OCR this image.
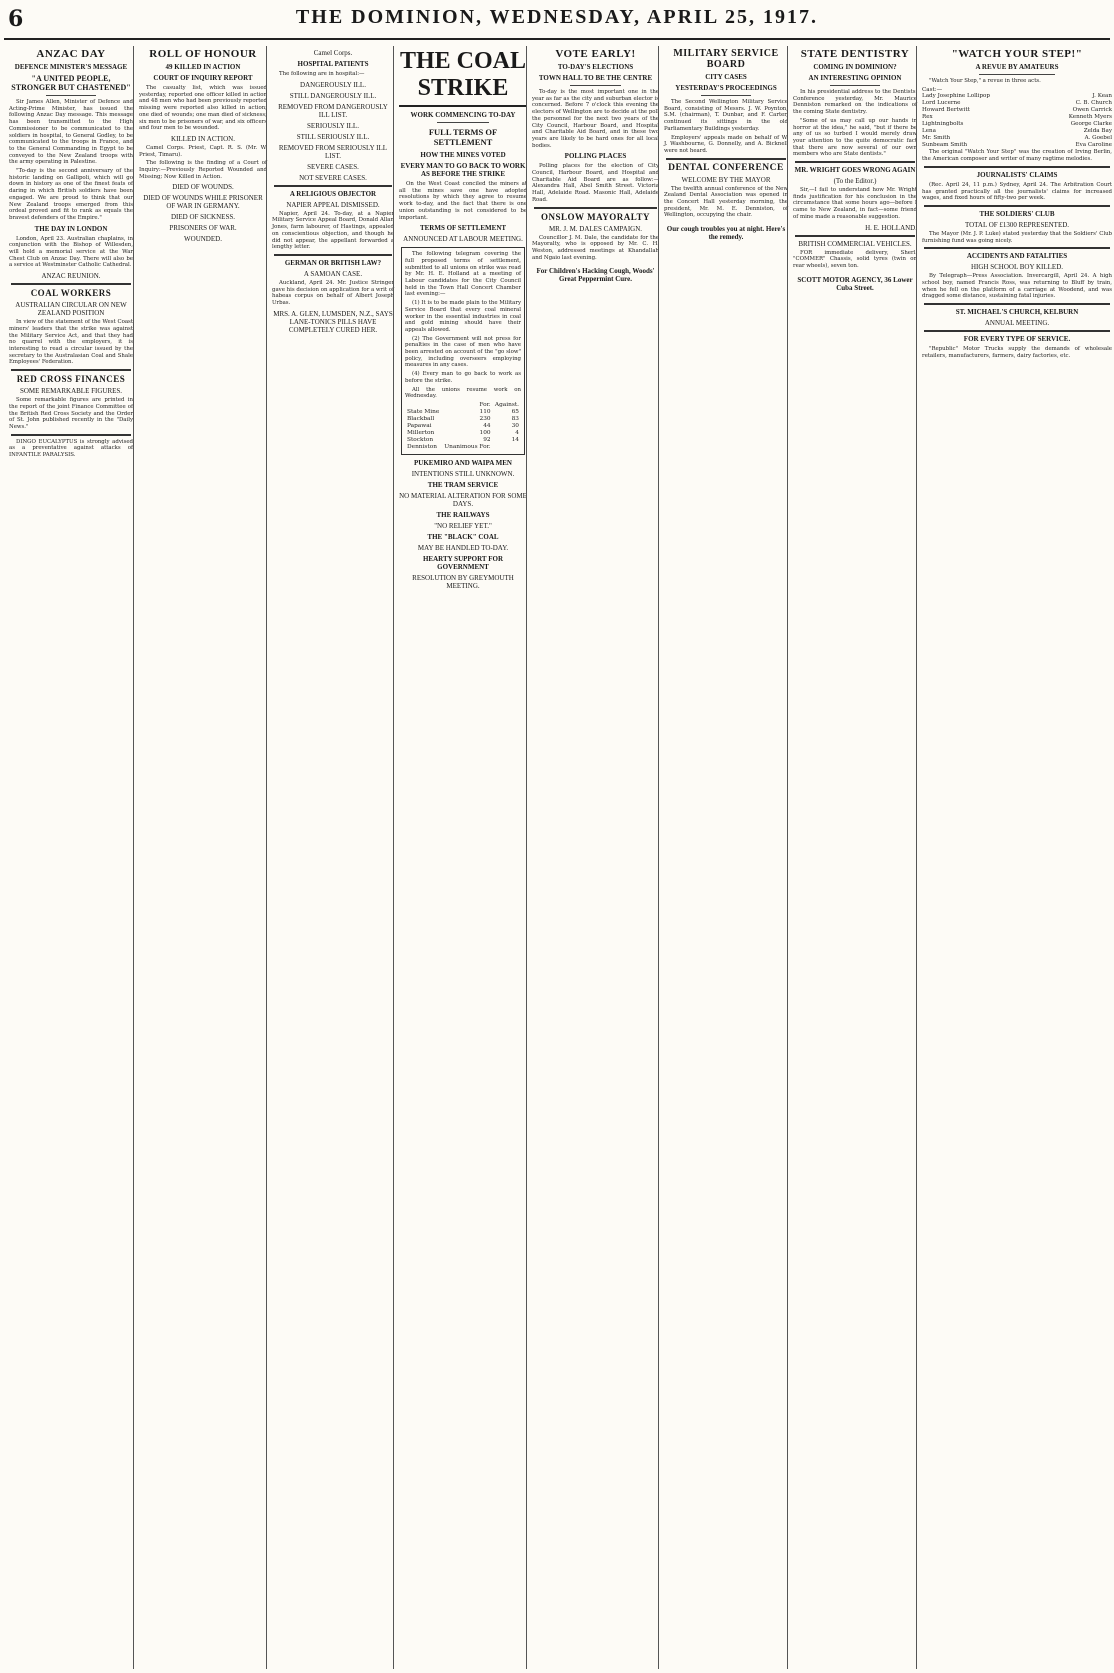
6	THE DOMINION, WEDNESDAY, APRIL 25, 1917.
ANZAC DAY
DEFENCE MINISTER'S MESSAGE
"A UNITED PEOPLE, STRONGER BUT CHASTENED"

Sir James Allen, Minister of Defence and Acting-Prime Minister, has issued the following Anzac Day message. This message has been transmitted to the High Commissioner to be communicated to the soldiers in hospital, to General Godley, to be communicated to the troops in France, and to the General Commanding in Egypt to be conveyed to the New Zealand troops with the army operating in Palestine.

"To-day is the second anniversary of the historic landing on Gallipoli, which will go down in history as one of the finest feats of daring in which British soldiers have been engaged. We are proud to think that our New Zealand troops emerged from this ordeal proved and fit to rank as equals the bravest defenders of the Empire."

THE DAY IN LONDON

London, April 23. Australian chaplains, in conjunction with the Bishop of Willesden, will hold a memorial service at the War Chest Club on Anzac Day. There will also be a service at Westminster Catholic Cathedral.

ANZAC REUNION.
COAL WORKERS
AUSTRALIAN CIRCULAR ON NEW ZEALAND POSITION

In view of the statement of the West Coast miners' leaders that the strike was against the Military Service Act, and that they had no quarrel with the employers, it is interesting to read a circular issued by the secretary to the Australasian Coal and Shale Employees' Federation.

RED CROSS FINANCES
SOME REMARKABLE FIGURES.

Some remarkable figures are printed in the report of the joint Finance Committee of the British Red Cross Society and the Order of St. John published recently in the "Daily News."

DINGO EUCALYPTUS is strongly advised as a preventative against attacks of INFANTILE PARALYSIS.

ROLL OF HONOUR
49 KILLED IN ACTION
COURT OF INQUIRY REPORT

The casualty list, which was issued yesterday, reported one officer killed in action and 48 men who had been previously reported missing were reported also killed in action; one died of wounds; one man died of sickness; six men to be prisoners of war, and six officers and four men to be wounded.

KILLED IN ACTION.

Camel Corps. Priest, Capt. R. S. (Mr. W. Priest, Timaru).

The following is the finding of a Court of Inquiry:—Previously Reported Wounded and Missing; Now Killed in Action.

DIED OF WOUNDS.
DIED OF WOUNDS WHILE PRISONER OF WAR IN GERMANY.
DIED OF SICKNESS.
PRISONERS OF WAR.
WOUNDED.
Camel Corps.
HOSPITAL PATIENTS

The following are in hospital:—

DANGEROUSLY ILL.
STILL DANGEROUSLY ILL.
REMOVED FROM DANGEROUSLY ILL LIST.
SERIOUSLY ILL.
STILL SERIOUSLY ILL.
REMOVED FROM SERIOUSLY ILL LIST.
SEVERE CASES.
NOT SEVERE CASES.
A RELIGIOUS OBJECTOR
NAPIER APPEAL DISMISSED.

Napier, April 24. To-day, at a Napier Military Service Appeal Board, Donald Allan Jones, farm labourer, of Hastings, appealed on conscientious objection, and though he did not appear, the appellant forwarded a lengthy letter.

GERMAN OR BRITISH LAW?
A SAMOAN CASE.

Auckland, April 24. Mr. Justice Stringer gave his decision on application for a writ of habeas corpus on behalf of Albert Joseph Urbas.

MRS. A. GLEN, LUMSDEN, N.Z., SAYS LANE-TONICS PILLS HAVE COMPLETELY CURED HER.
THE COAL STRIKE
WORK COMMENCING TO-DAY
FULL TERMS OF SETTLEMENT
HOW THE MINES VOTED
EVERY MAN TO GO BACK TO WORK AS BEFORE THE STRIKE

On the West Coast conciled the miners at all the mines save one have adopted resolutions by which they agree to resume work to-day, and the fact that there is one union outstanding is not considered to be important.

TERMS OF SETTLEMENT
ANNOUNCED AT LABOUR MEETING.

The following telegram covering the full proposed terms of settlement, submitted to all unions on strike was read by Mr. H. E. Holland at a meeting of Labour candidates for the City Council held in the Town Hall Concert Chamber last evening:—

(1) It is to be made plain to the Military Service Board that every coal mineral worker in the essential industries in coal and gold mining should have their appeals allowed.

(2) The Government will not press for penalties in the case of men who have been arrested on account of the "go slow" policy, including overseers employing measures in any cases.

(4) Every man to go back to work as before the strike.

All the unions resume work on Wednesday.

	For.	Against.
State Mine	110	65
Blackball	230	83
Papawai	44	30
Millerton	100	4
Stockton	92	14
Denniston	Unanimous For.	
PUKEMIRO AND WAIPA MEN
INTENTIONS STILL UNKNOWN.
THE TRAM SERVICE
NO MATERIAL ALTERATION FOR SOME DAYS.
THE RAILWAYS
"NO RELIEF YET."
THE "BLACK" COAL
MAY BE HANDLED TO-DAY.
HEARTY SUPPORT FOR GOVERNMENT
RESOLUTION BY GREYMOUTH MEETING.
VOTE EARLY!
TO-DAY'S ELECTIONS
TOWN HALL TO BE THE CENTRE

To-day is the most important one in the year as far as the city and suburban elector is concerned. Before 7 o'clock this evening the electors of Wellington are to decide at the poll the personnel for the next two years of the City Council, Harbour Board, and Hospital and Charitable Aid Board, and in these two years are likely to be hard ones for all local bodies.

POLLING PLACES

Polling places for the election of City Council, Harbour Board, and Hospital and Charitable Aid Board are as follow:—Alexandra Hall, Abel Smith Street. Victoria Hall, Adelaide Road. Masonic Hall, Adelaide Road.

ONSLOW MAYORALTY
MR. J. M. DALES CAMPAIGN.

Councillor J. M. Dale, the candidate for the Mayoralty, who is opposed by Mr. C. H. Weston, addressed meetings at Khandallah and Ngaio last evening.

For Children's Hacking Cough, Woods' Great Peppermint Cure.
MILITARY SERVICE BOARD
CITY CASES
YESTERDAY'S PROCEEDINGS

The Second Wellington Military Service Board, consisting of Messrs. J. W. Poynton, S.M. (chairman), T. Dunbar, and F. Carter, continued its sittings in the old Parliamentary Buildings yesterday.

Employers' appeals made on behalf of W. J. Washbourne, G. Donnelly, and A. Bicknell were not heard.

DENTAL CONFERENCE
WELCOME BY THE MAYOR

The twelfth annual conference of the New Zealand Dental Association was opened in the Concert Hall yesterday morning, the president, Mr. M. E. Denniston, of Wellington, occupying the chair.

Our cough troubles you at night. Here's the remedy.
STATE DENTISTRY
COMING IN DOMINION?
AN INTERESTING OPINION

In his presidential address to the Dentists' Conference yesterday, Mr. Maurice Denniston remarked on the indications of the coming State dentistry.

"Some of us may call up our hands in horror at the idea," he said, "but if there be any of us so turbed I would merely draw your attention to the quite democratic fact that there are now several of our own members who are State dentists."

MR. WRIGHT GOES WRONG AGAIN
(To the Editor.)

Sir,—I fail to understand how Mr. Wright finds justification for his conclusion in the circumstance that some hours ago—before I came to New Zealand, in fact—some friend of mine made a reasonable suggestion.

H. E. HOLLAND.
BRITISH COMMERCIAL VEHICLES.

FOR immediate delivery, Sherl. "COMMER" Chassis, solid tyres (twin on rear wheels), seven ton.

SCOTT MOTOR AGENCY, 36 Lower Cuba Street.
"WATCH YOUR STEP!"
A REVUE BY AMATEURS

"Watch Your Step," a revue in three acts.

Cast:—
Lady Josephine Lollipop	J. Kean
Lord Lucerne	C. B. Church
Howard Bertwitt	Owen Carrick
Rex	Kenneth Myers
Lightningbolts	George Clarke
Lena	Zelda Bay
Mr. Smith	A. Goebel
Sunbeam Smith	Eva Caroline

The original "Watch Your Step" was the creation of Irving Berlin, the American composer and writer of many ragtime melodies.

JOURNALISTS' CLAIMS

(Rec. April 24, 11 p.m.) Sydney, April 24. The Arbitration Court has granted practically all the journalists' claims for increased wages, and fixed hours of fifty-two per week.

THE SOLDIERS' CLUB
TOTAL OF £1300 REPRESENTED.

The Mayor (Mr. J. P. Luke) stated yesterday that the Soldiers' Club furnishing fund was going nicely.

ACCIDENTS AND FATALITIES
HIGH SCHOOL BOY KILLED.

By Telegraph—Press Association. Invercargill, April 24. A high school boy, named Francis Ross, was returning to Bluff by train, when he fell on the platform of a carriage at Woodend, and was dragged some distance, sustaining fatal injuries.

ST. MICHAEL'S CHURCH, KELBURN
ANNUAL MEETING.
FOR EVERY TYPE OF SERVICE.

"Republic" Motor Trucks supply the demands of wholesale retailers, manufacturers, farmers, dairy factories, etc.
